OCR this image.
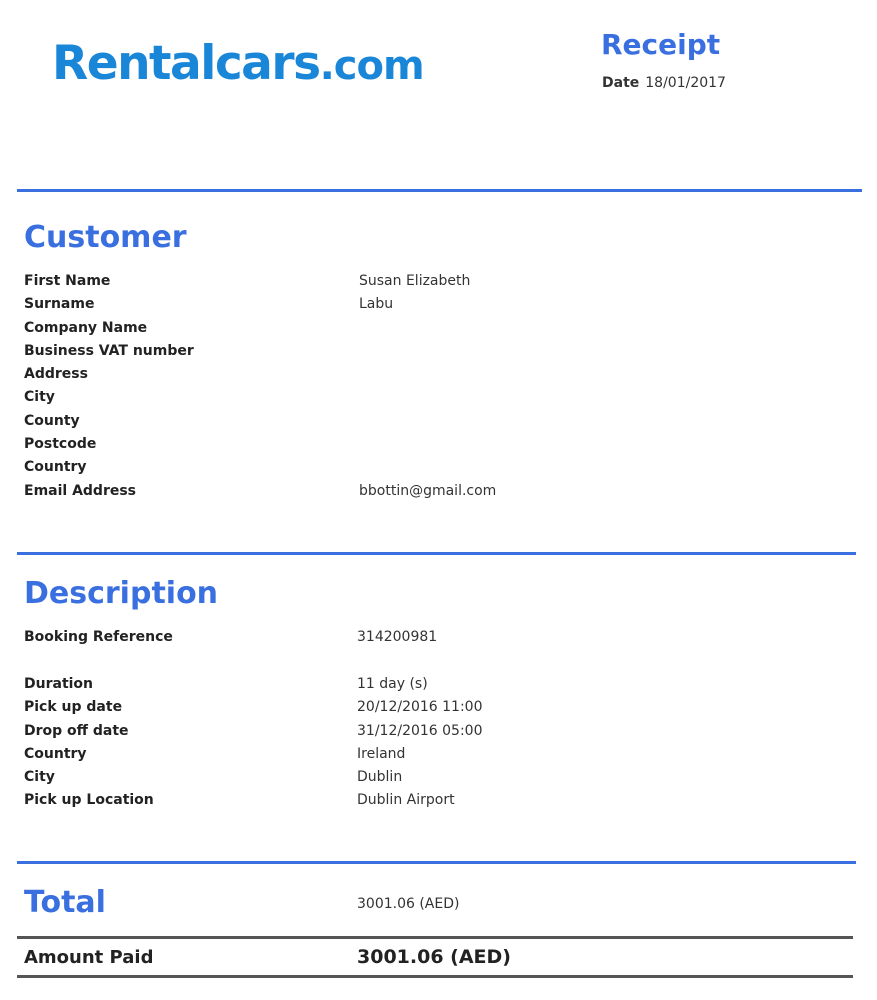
Rentalcars.com	Receipt
Date 18/01/2017
Customer
First Name	Susan Elizabeth
Surname	Labu
Company Name
Business VAT number
Address
City
County
Postcode
Country
Email Address	bbottin@gmail.com
Description
Booking Reference	314200981
Duration	11 day (s)
Pick up date	20/12/2016 11:00
Drop off date	31/12/2016 05:00
Country	Ireland
City	Dublin
Pick up Location	Dublin Airport
Total	3001.06 (AED)
Amount Paid	3001.06 (AED)
